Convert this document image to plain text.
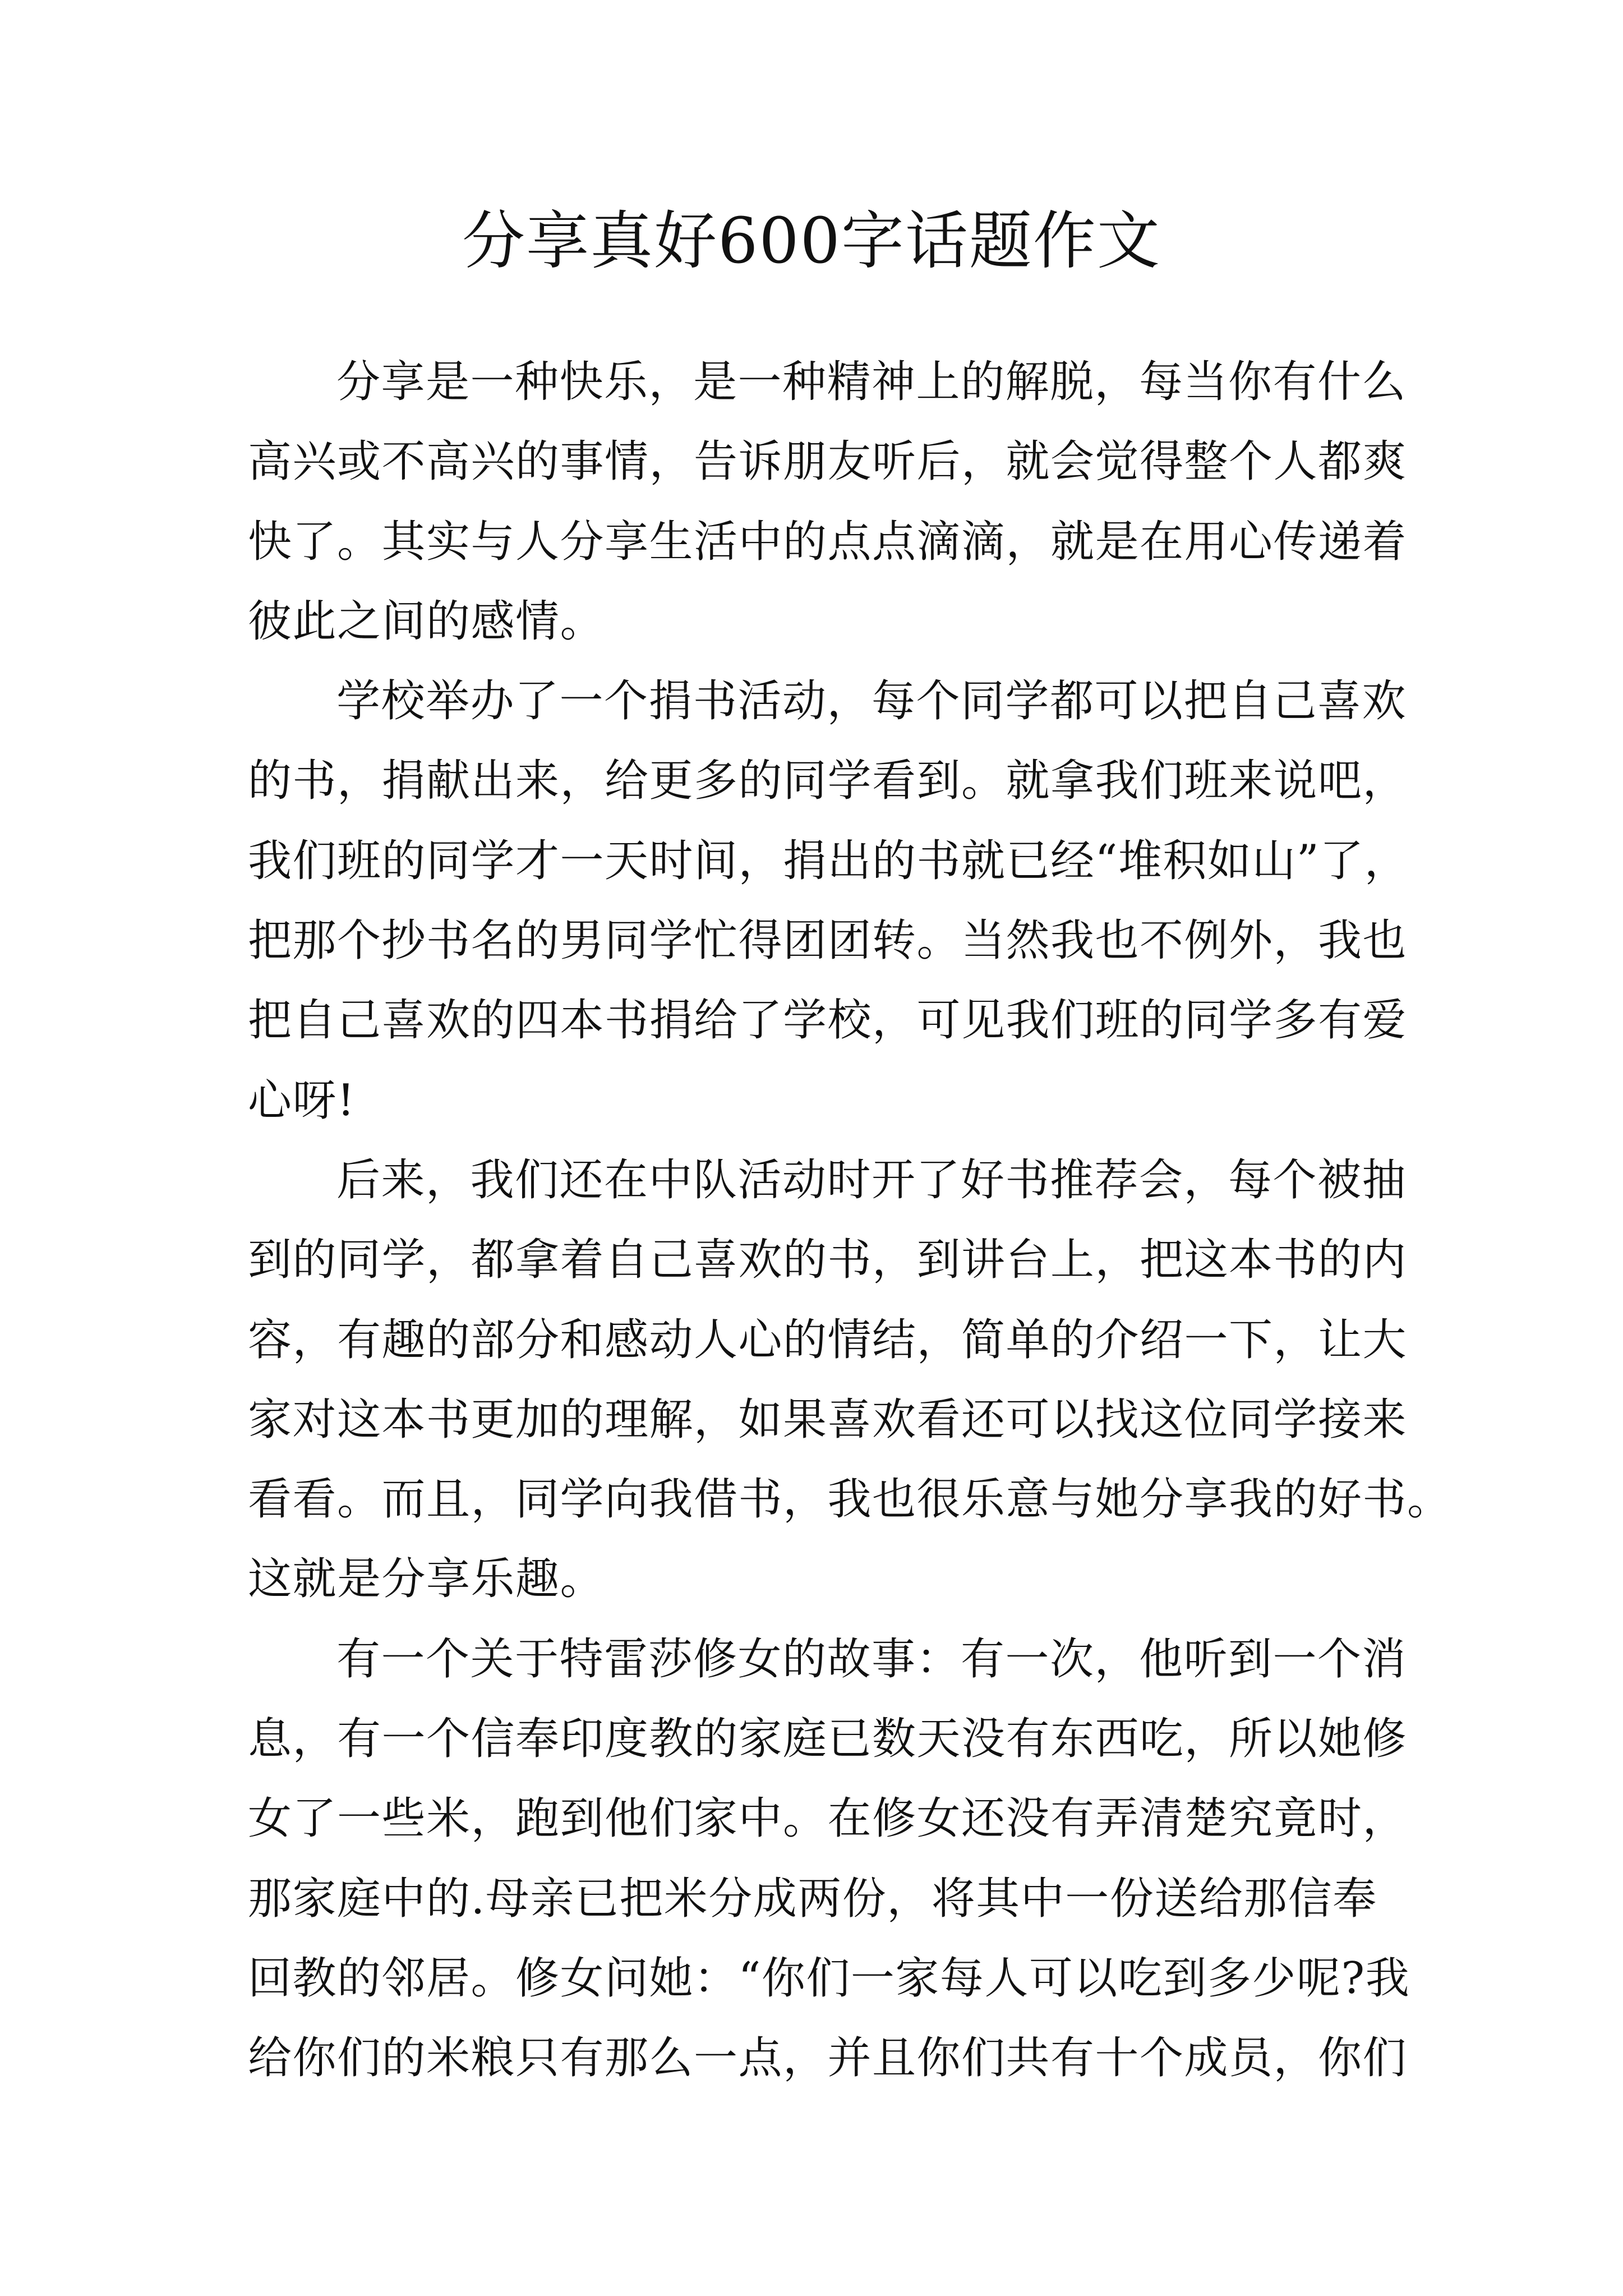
分享真好600字话题作文
分享是一种快乐，是一种精神上的解脱，每当你有什么
高兴或不高兴的事情，告诉朋友听后，就会觉得整个人都爽
快了。其实与人分享生活中的点点滴滴，就是在用心传递着
彼此之间的感情。
学校举办了一个捐书活动，每个同学都可以把自己喜欢
的书，捐献出来，给更多的同学看到。就拿我们班来说吧，
我们班的同学才一天时间，捐出的书就已经“堆积如山”了，
把那个抄书名的男同学忙得团团转。当然我也不例外，我也
把自己喜欢的四本书捐给了学校，可见我们班的同学多有爱
心呀!
后来，我们还在中队活动时开了好书推荐会，每个被抽
到的同学，都拿着自己喜欢的书，到讲台上，把这本书的内
容，有趣的部分和感动人心的情结，简单的介绍一下，让大
家对这本书更加的理解，如果喜欢看还可以找这位同学接来
看看。而且，同学向我借书，我也很乐意与她分享我的好书。
这就是分享乐趣。
有一个关于特雷莎修女的故事：有一次，他听到一个消
息，有一个信奉印度教的家庭已数天没有东西吃，所以她修
女了一些米，跑到他们家中。在修女还没有弄清楚究竟时，
那家庭中的.母亲已把米分成两份，将其中一份送给那信奉
回教的邻居。修女问她：“你们一家每人可以吃到多少呢?我
给你们的米粮只有那么一点，并且你们共有十个成员，你们
